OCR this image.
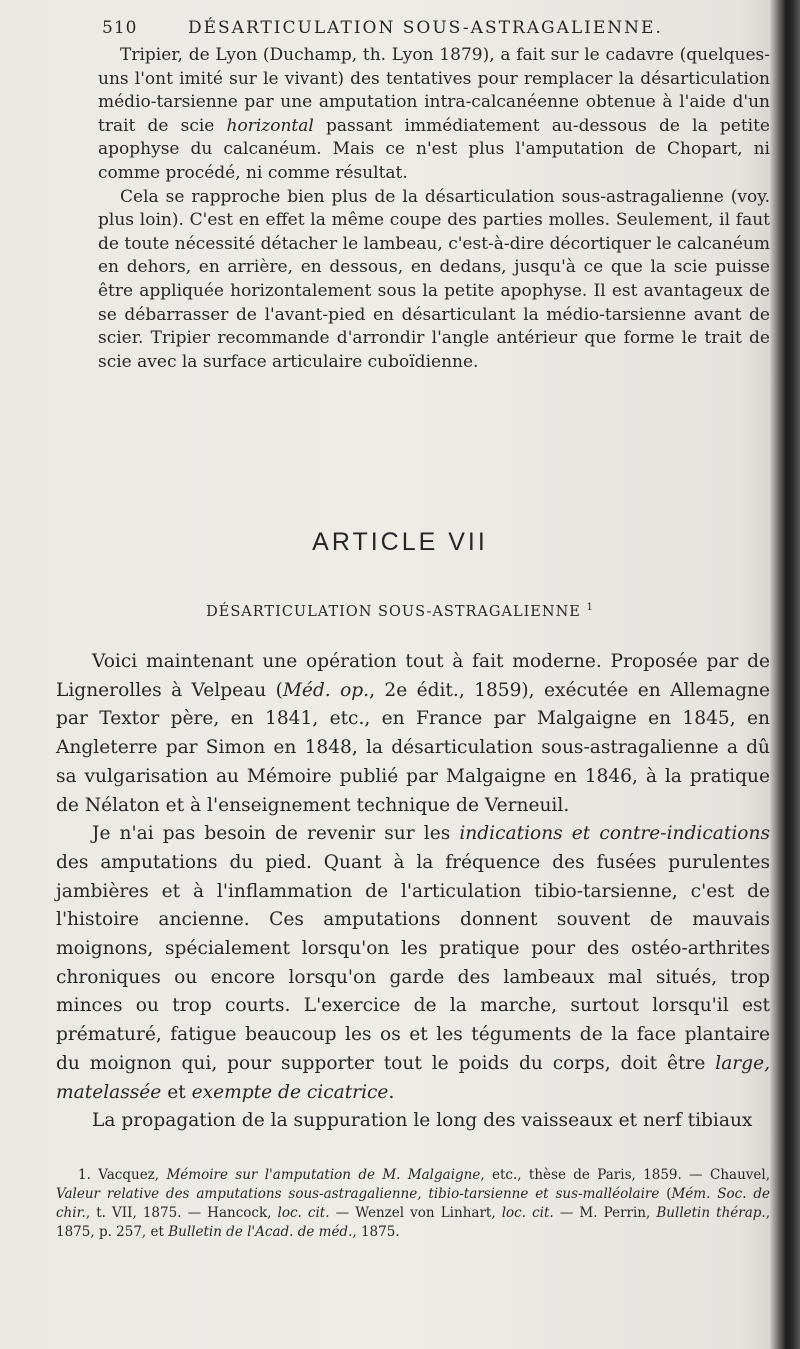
510	DÉSARTICULATION SOUS-ASTRAGALIENNE.

Tripier, de Lyon (Duchamp, th. Lyon 1879), a fait sur le cadavre (quelques-uns l'ont imité sur le vivant) des tentatives pour remplacer la désarticulation médio-tarsienne par une amputation intra-calcanéenne obtenue à l'aide d'un trait de scie horizontal passant immédiatement au-dessous de la petite apophyse du calcanéum. Mais ce n'est plus l'amputation de Chopart, ni comme procédé, ni comme résultat.

Cela se rapproche bien plus de la désarticulation sous-astragalienne (voy. plus loin). C'est en effet la même coupe des parties molles. Seulement, il faut de toute nécessité détacher le lambeau, c'est-à-dire décortiquer le calcanéum en dehors, en arrière, en dessous, en dedans, jusqu'à ce que la scie puisse être appliquée horizontalement sous la petite apophyse. Il est avantageux de se débarrasser de l'avant-pied en désarticulant la médio-tarsienne avant de scier. Tripier recommande d'arrondir l'angle antérieur que forme le trait de scie avec la surface articulaire cuboïdienne.

ARTICLE VII
DÉSARTICULATION SOUS-ASTRAGALIENNE $^1$

Voici maintenant une opération tout à fait moderne. Proposée par de Lignerolles à Velpeau (Méd. op., 2e édit., 1859), exécutée en Allemagne par Textor père, en 1841, etc., en France par Malgaigne en 1845, en Angleterre par Simon en 1848, la désarticulation sous-astragalienne a dû sa vulgarisation au Mémoire publié par Malgaigne en 1846, à la pratique de Nélaton et à l'enseignement technique de Verneuil.

Je n'ai pas besoin de revenir sur les indications et contre-indications des amputations du pied. Quant à la fréquence des fusées purulentes jambières et à l'inflammation de l'articulation tibio-tarsienne, c'est de l'histoire ancienne. Ces amputations donnent souvent de mauvais moignons, spécialement lorsqu'on les pratique pour des ostéo-arthrites chroniques ou encore lorsqu'on garde des lambeaux mal situés, trop minces ou trop courts. L'exercice de la marche, surtout lorsqu'il est prématuré, fatigue beaucoup les os et les téguments de la face plantaire du moignon qui, pour supporter tout le poids du corps, doit être large, matelassée et exempte de cicatrice.

La propagation de la suppuration le long des vaisseaux et nerf tibiaux

1. Vacquez, Mémoire sur l'amputation de M. Malgaigne, etc., thèse de Paris, 1859. — Chauvel, Valeur relative des amputations sous-astragalienne, tibio-tarsienne et sus-malléolaire (Mém. Soc. de chir., t. VII, 1875. — Hancock, loc. cit. — Wenzel von Linhart, loc. cit. — M. Perrin, Bulletin thérap., 1875, p. 257, et Bulletin de l'Acad. de méd., 1875.
